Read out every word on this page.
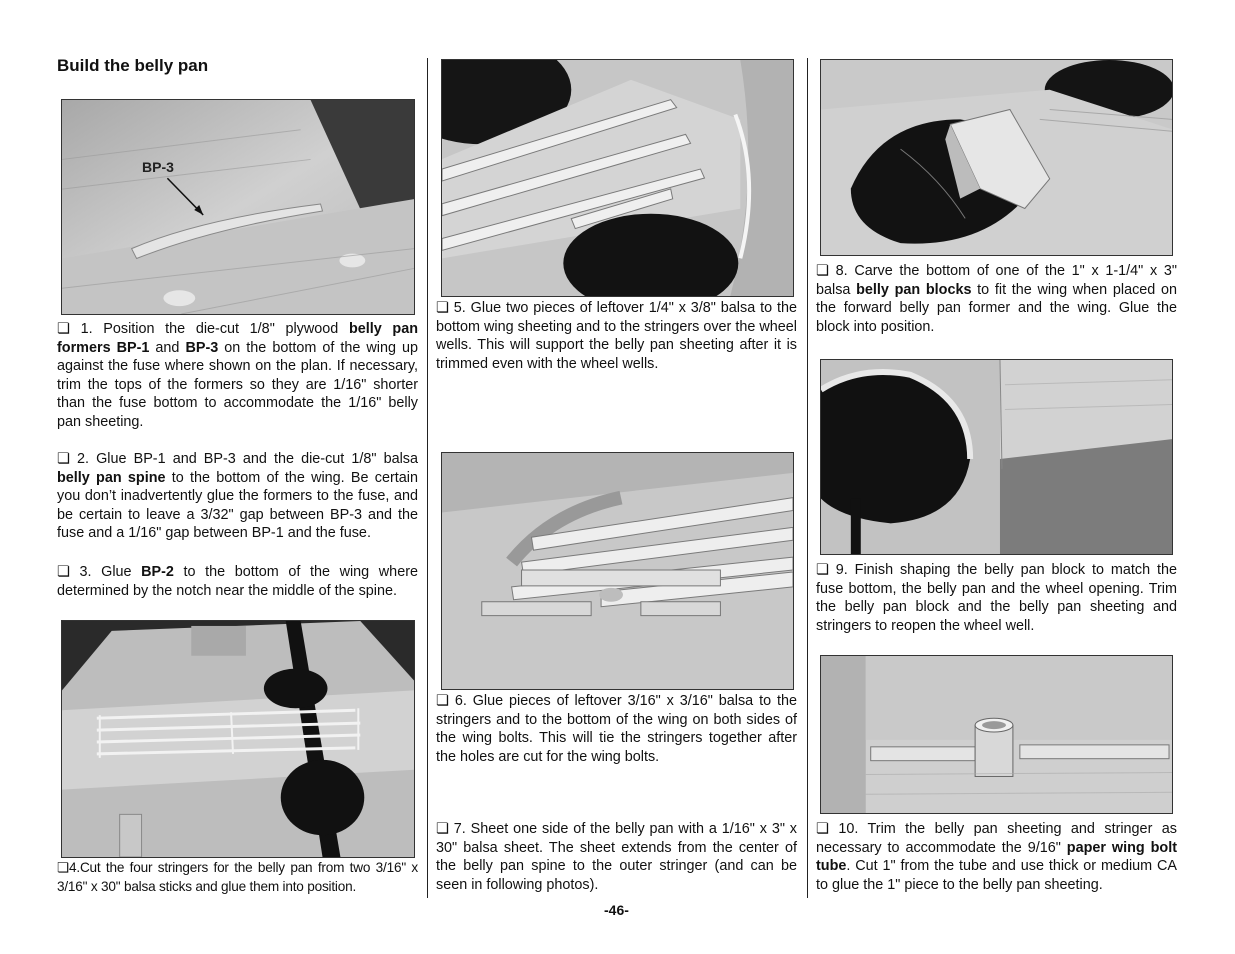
Build the belly pan
BP-3
❏ 1. Position the die-cut 1/8" plywood belly pan formers BP-1 and BP-3 on the bottom of the wing up against the fuse where shown on the plan. If necessary, trim the tops of the formers so they are 1/16" shorter than the fuse bottom to accommodate the 1/16" belly pan sheeting.
❏ 2. Glue BP-1 and BP-3 and the die-cut 1/8" balsa belly pan spine to the bottom of the wing. Be certain you don’t inadvertently glue the formers to the fuse, and be certain to leave a 3/32" gap between BP-3 and the fuse and a 1/16" gap between BP-1 and the fuse.
❏ 3. Glue BP-2 to the bottom of the wing where determined by the notch near the middle of the spine.
❏4.Cut the four stringers for the belly pan from two 3/16" x 3/16" x 30" balsa sticks and glue them into position.
❏ 5. Glue two pieces of leftover 1/4" x 3/8" balsa to the bottom wing sheeting and to the stringers over the wheel wells. This will support the belly pan sheeting after it is trimmed even with the wheel wells.
❏ 6. Glue pieces of leftover 3/16" x 3/16" balsa to the stringers and to the bottom of the wing on both sides of the wing bolts. This will tie the stringers together after the holes are cut for the wing bolts.
❏ 7. Sheet one side of the belly pan with a 1/16" x 3" x 30" balsa sheet. The sheet extends from the center of the belly pan spine to the outer stringer (and can be seen in following photos).
❏ 8. Carve the bottom of one of the 1" x 1-1/4" x 3" balsa belly pan blocks to fit the wing when placed on the forward belly pan former and the wing. Glue the block into position.
❏ 9. Finish shaping the belly pan block to match the fuse bottom, the belly pan and the wheel opening. Trim the belly pan block and the belly pan sheeting and stringers to reopen the wheel well.
❏ 10. Trim the belly pan sheeting and stringer as necessary to accommodate the 9/16" paper wing bolt tube. Cut 1" from the tube and use thick or medium CA to glue the 1" piece to the belly pan sheeting.
-46-
